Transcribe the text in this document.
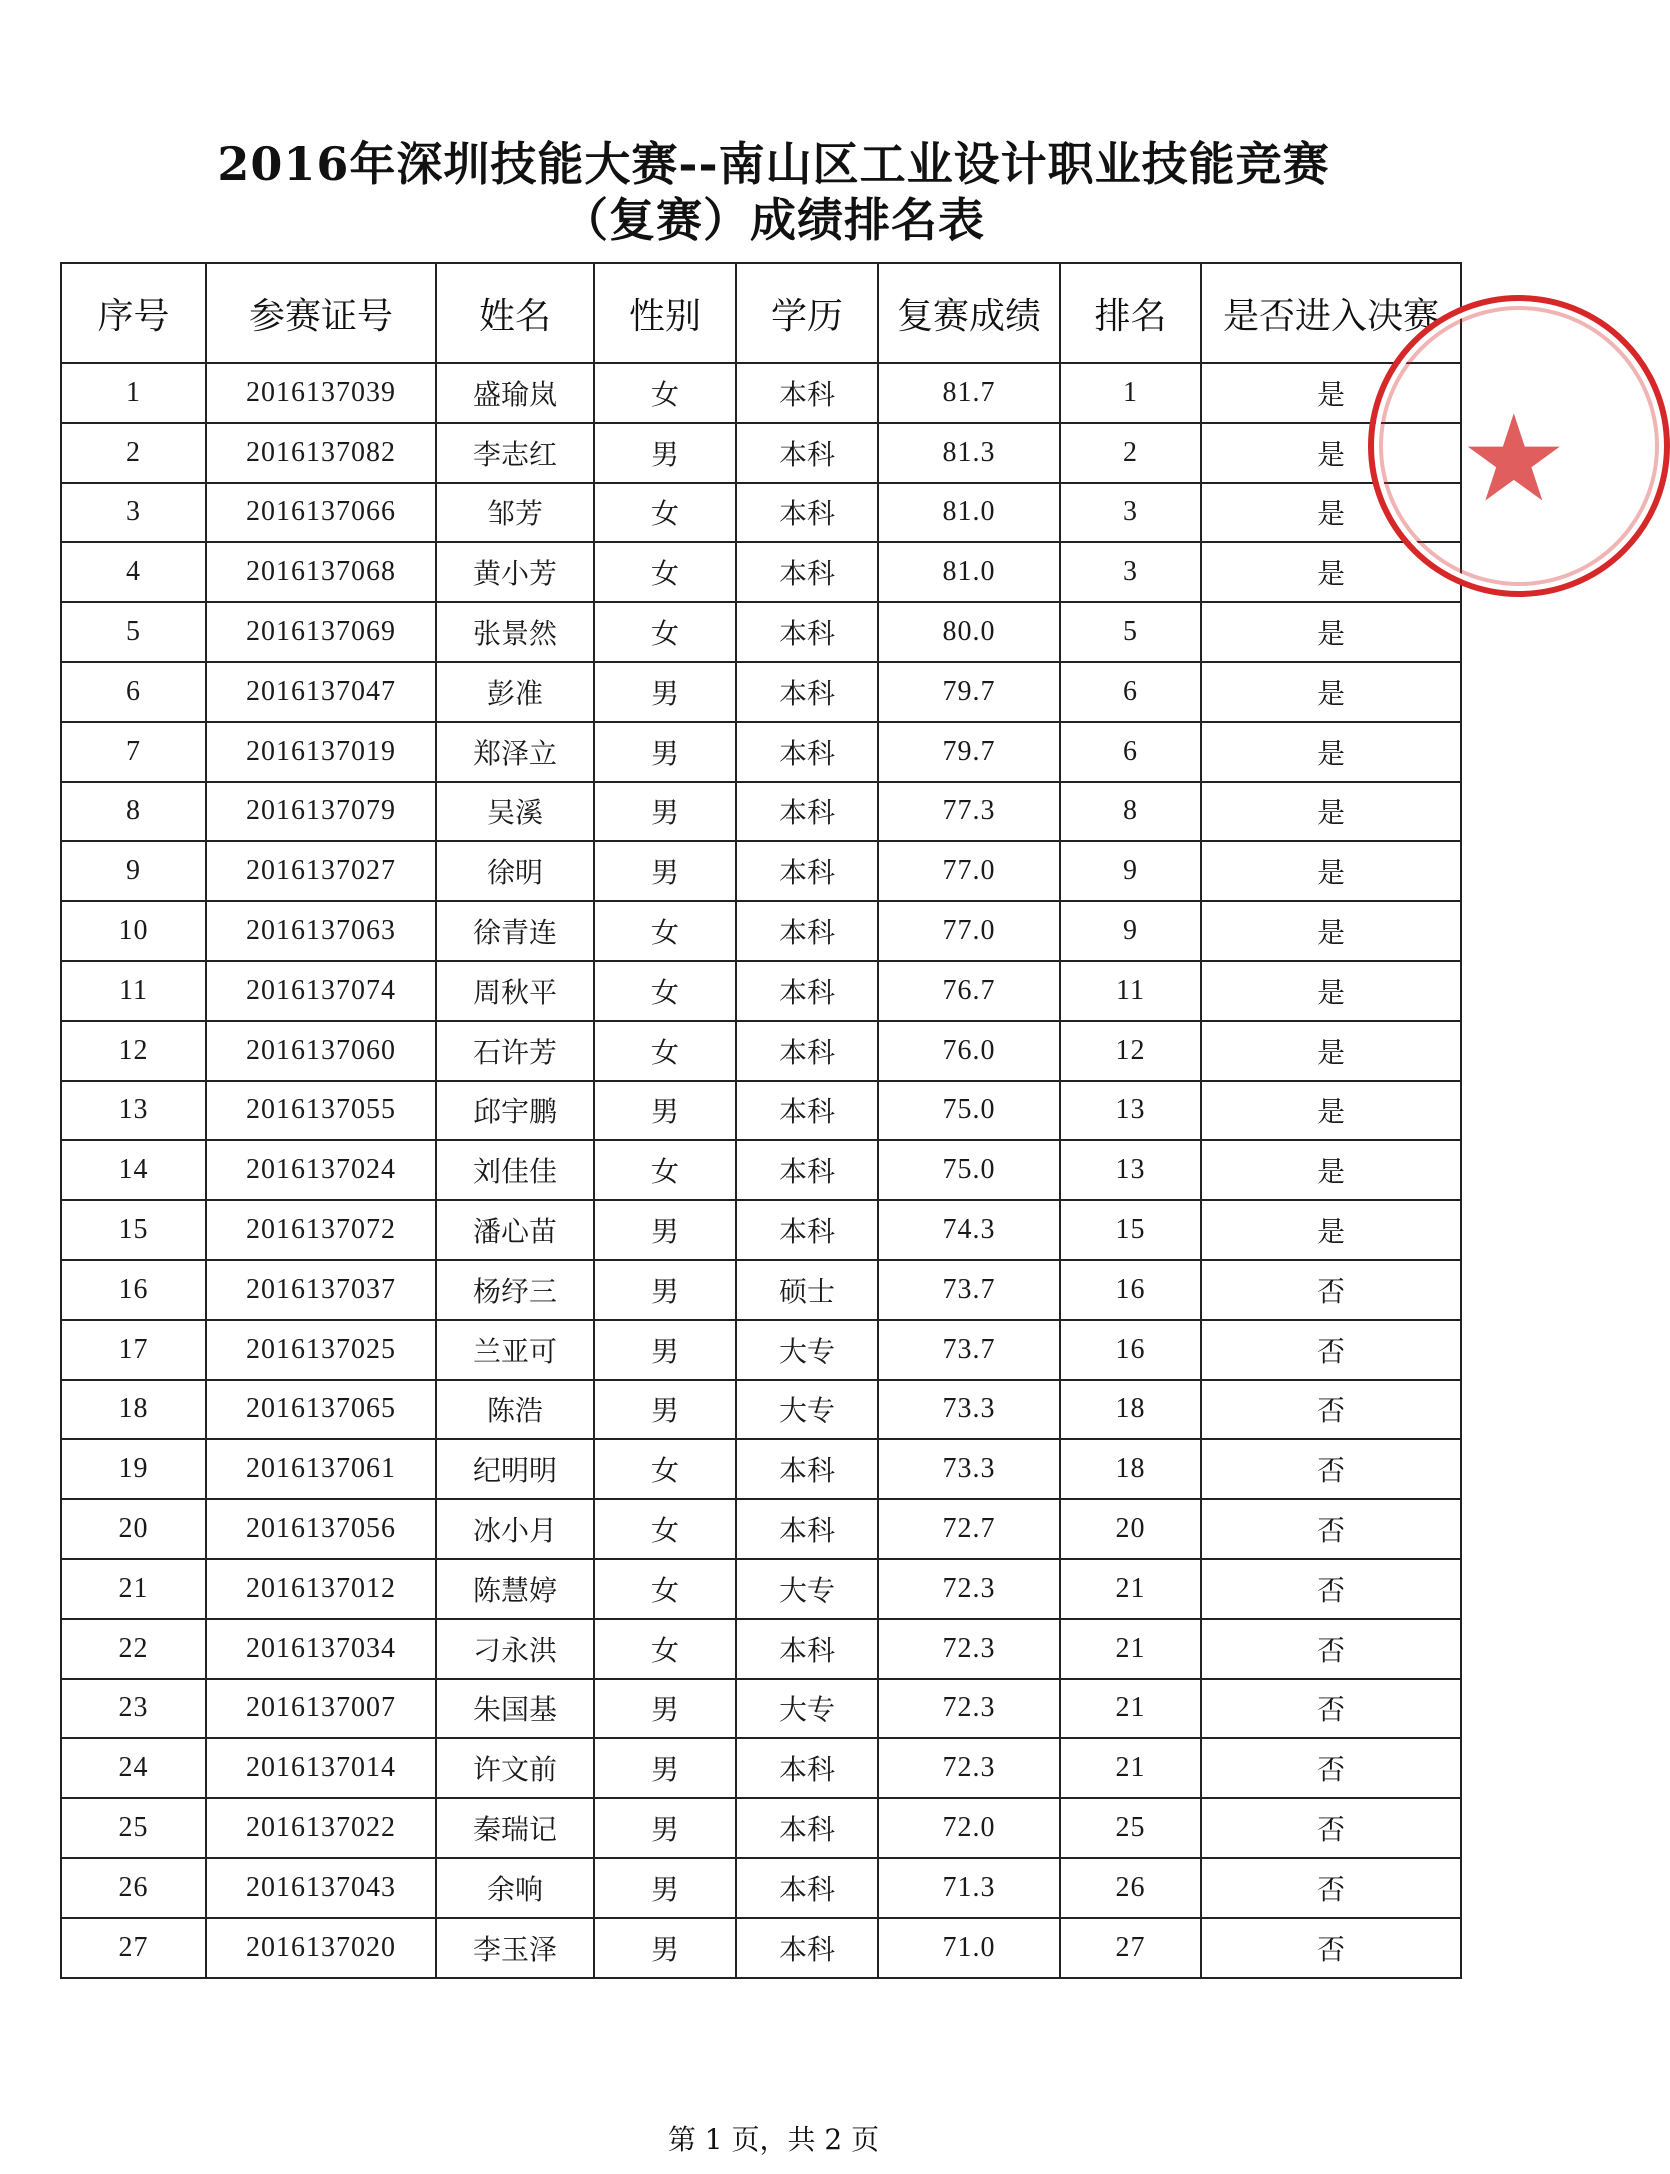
2016年深圳技能大赛--南山区工业设计职业技能竞赛
（复赛）成绩排名表
序号	参赛证号	姓名	性别	学历	复赛成绩	排名	是否进入决赛
1	2016137039	盛瑜岚	女	本科	81.7	1	是
2	2016137082	李志红	男	本科	81.3	2	是
3	2016137066	邹芳	女	本科	81.0	3	是
4	2016137068	黄小芳	女	本科	81.0	3	是
5	2016137069	张景然	女	本科	80.0	5	是
6	2016137047	彭准	男	本科	79.7	6	是
7	2016137019	郑泽立	男	本科	79.7	6	是
8	2016137079	吴溪	男	本科	77.3	8	是
9	2016137027	徐明	男	本科	77.0	9	是
10	2016137063	徐青连	女	本科	77.0	9	是
11	2016137074	周秋平	女	本科	76.7	11	是
12	2016137060	石许芳	女	本科	76.0	12	是
13	2016137055	邱宇鹏	男	本科	75.0	13	是
14	2016137024	刘佳佳	女	本科	75.0	13	是
15	2016137072	潘心苗	男	本科	74.3	15	是
16	2016137037	杨纾三	男	硕士	73.7	16	否
17	2016137025	兰亚可	男	大专	73.7	16	否
18	2016137065	陈浩	男	大专	73.3	18	否
19	2016137061	纪明明	女	本科	73.3	18	否
20	2016137056	冰小月	女	本科	72.7	20	否
21	2016137012	陈慧婷	女	大专	72.3	21	否
22	2016137034	刁永洪	女	本科	72.3	21	否
23	2016137007	朱国基	男	大专	72.3	21	否
24	2016137014	许文前	男	本科	72.3	21	否
25	2016137022	秦瑞记	男	本科	72.0	25	否
26	2016137043	余响	男	本科	71.3	26	否
27	2016137020	李玉泽	男	本科	71.0	27	否
★
第 1 页，共 2 页
